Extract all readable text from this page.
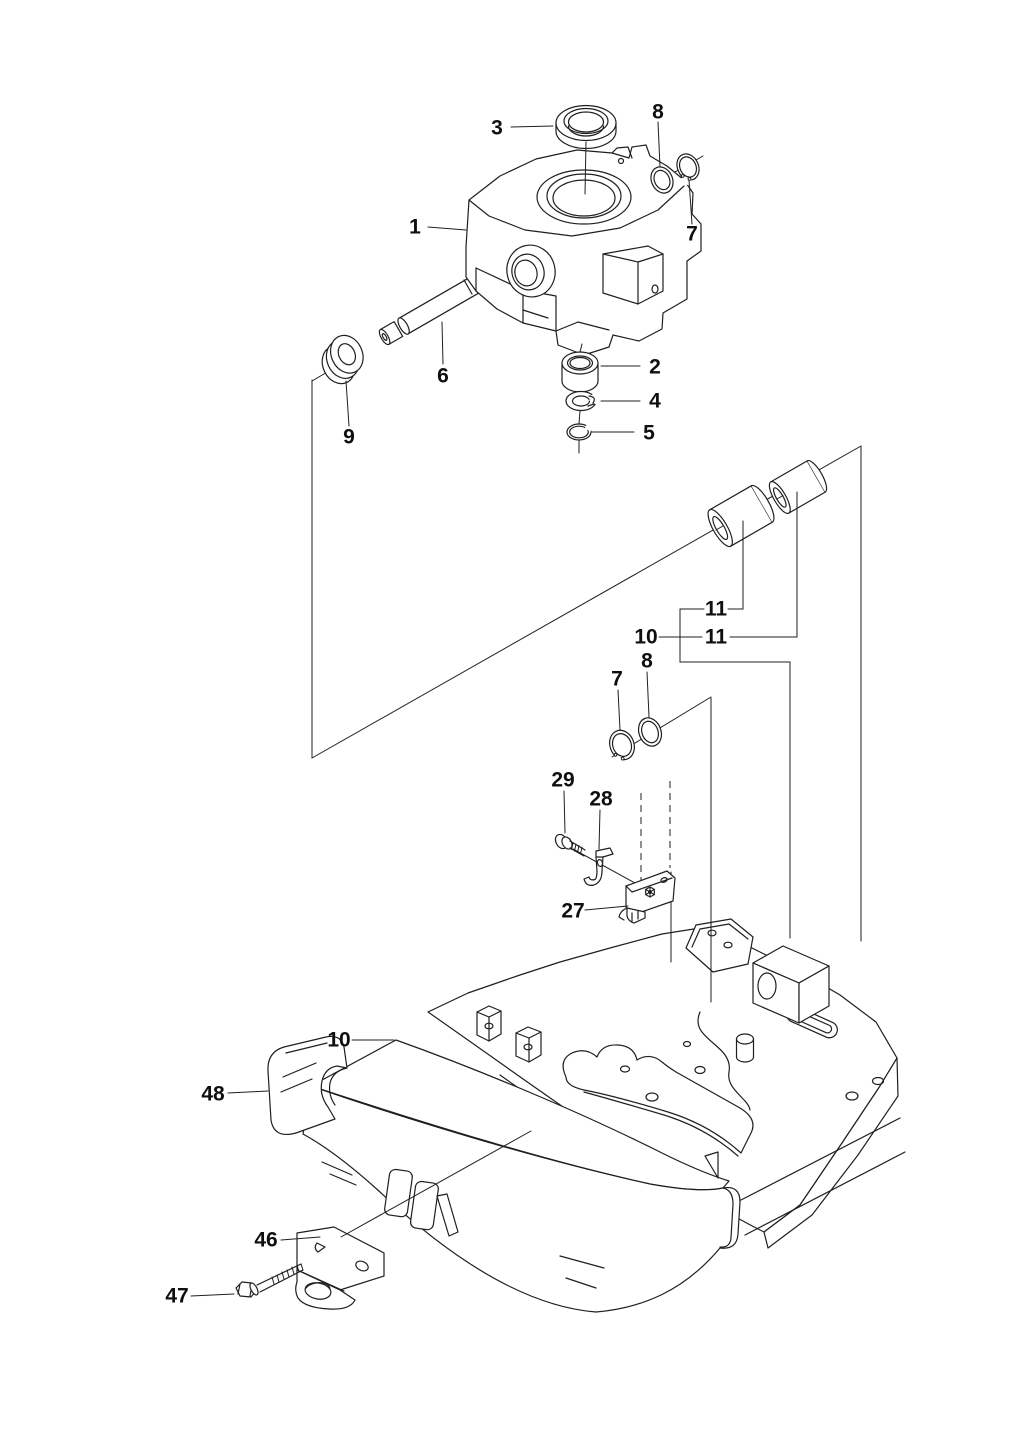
3
8
7
1
6
9
2
4
5
11
10 11
8
7
29
28
27
10
48
46
47
